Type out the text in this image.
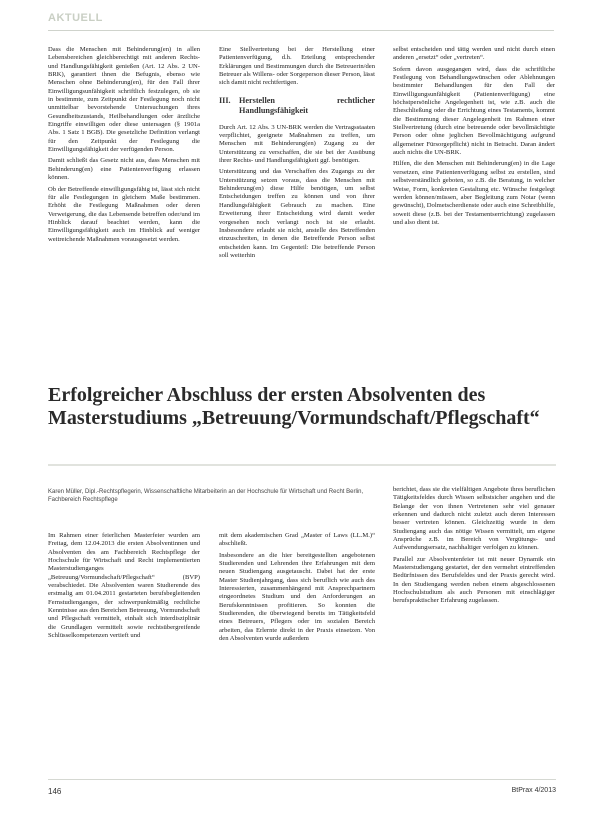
AKTUELL

Dass die Menschen mit Behinderung(en) in allen Lebensbereichen gleichberechtigt mit anderen Rechts- und Handlungsfähigkeit genießen (Art. 12 Abs. 2 UN-BRK), garantiert ihnen die Befugnis, ebenso wie Menschen ohne Behinderung(en), für den Fall ihrer Einwilligungsunfähigkeit schriftlich festzulegen, ob sie in bestimmte, zum Zeitpunkt der Festlegung noch nicht unmittelbar bevorstehende Untersuchungen ihres Gesundheitszustands, Heilbehandlungen oder ärztliche Eingriffe einwilligen oder diese untersagen (§ 1901a Abs. 1 Satz 1 BGB). Die gesetzliche Definition verlangt für den Zeitpunkt der Festlegung die Einwilligungsfähigkeit der verfügenden Person.

Damit schließt das Gesetz nicht aus, dass Menschen mit Behinderung(en) eine Patientenverfügung erlassen können.

Ob der Betreffende einwilligungsfähig ist, lässt sich nicht für alle Festlegungen in gleichem Maße bestimmen. Erhöht die Festlegung Maßnahmen oder deren Verweigerung, die das Lebensende betreffen oder/und im Hinblick darauf beachtet werden, kann die Einwilligungsfähigkeit auch im Hinblick auf weniger weitreichende Maßnahmen vorausgesetzt werden.

Eine Stellvertretung bei der Herstellung einer Patientenverfügung, d.h. Erteilung entsprechender Erklärungen und Bestimmungen durch die Betreuerin/den Betreuer als Willens- oder Sorgeperson dieser Person, lässt sich damit nicht rechtfertigen.

III. Herstellen rechtlicher Handlungsfähigkeit

Durch Art. 12 Abs. 3 UN-BRK werden die Vertragsstaaten verpflichtet, geeignete Maßnahmen zu treffen, um Menschen mit Behinderung(en) Zugang zu der Unterstützung zu verschaffen, die sie bei der Ausübung ihrer Rechts- und Handlungsfähigkeit ggf. benötigen.

Unterstützung und das Verschaffen des Zugangs zu der Unterstützung setzen voraus, dass die Menschen mit Behinderung(en) diese Hilfe benötigen, um selbst Entscheidungen treffen zu können und von ihrer Handlungsfähigkeit Gebrauch zu machen. Eine Erweiterung ihrer Entscheidung wird damit weder vorgesehen noch verlangt noch ist sie erlaubt. Insbesondere erlaubt sie nicht, anstelle des Betreffenden einzuschreiten, in denen die Betreffende Person selbst entscheiden kann. Im Gegenteil: Die betreffende Person soll weiterhin

selbst entscheiden und tätig werden und nicht durch einen anderen „ersetzt“ oder „vertreten“.

Sofern davon ausgegangen wird, dass die schriftliche Festlegung von Behandlungswünschen oder Ablehnungen bestimmter Behandlungen für den Fall der Einwilligungsunfähigkeit (Patientenverfügung) eine höchstpersönliche Angelegenheit ist, wie z.B. auch die Eheschließung oder die Errichtung eines Testaments, kommt die Bestimmung dieser Angelegenheit im Rahmen einer Stellvertretung (durch eine betreuende oder bevollmächtigte Person oder ohne jeglichen Bevollmächtigung aufgrund allgemeiner Fürsorgepflicht) nicht in Betracht. Daran ändert auch nichts die UN-BRK.

Hilfen, die den Menschen mit Behinderung(en) in die Lage versetzen, eine Patientenverfügung selbst zu erstellen, sind selbstverständlich geboten, so z.B. die Beratung, in welcher Weise, Form, konkreten Gestaltung etc. Wünsche festgelegt werden können/müssen, aber Begleitung zum Notar (wenn gewünscht), Dolmetscherdienste oder auch eine Schreibhilfe, soweit diese (z.B. bei der Testamentserrichtung) zugelassen und also dient ist.

Erfolgreicher Abschluss der ersten Absolventen des Masterstudiums „Betreuung/Vormundschaft/Pflegschaft“
Karen Müller, Dipl.-Rechtspflegerin, Wissenschaftliche Mitarbeiterin an der Hochschule für Wirtschaft und Recht Berlin, Fachbereich Rechtspflege

Im Rahmen einer feierlichen Masterfeier wurden am Freitag, dem 12.04.2013 die ersten Absolventinnen und Absolventen des am Fachbereich Rechtspflege der Hochschule für Wirtschaft und Recht implementierten Masterstudienganges „Betreuung/Vormundschaft/Pflegschaft“ (BVP) verabschiedet. Die Absolventen waren Studierende des erstmalig am 01.04.2011 gestarteten berufsbegleitenden Fernstudienganges, der schwerpunktmäßig rechtliche Kenntnisse aus den Bereichen Betreuung, Vormundschaft und Pflegschaft vermittelt, einhalt sich interdisziplinär die Grundlagen vermittelt sowie rechtsübergreifende Schlüsselkompetenzen vertieft und

mit dem akademischen Grad „Master of Laws (LL.M.)“ abschließt.

Insbesondere an die hier bereitgestellten angebotenen Studierenden und Lehrenden ihre Erfahrungen mit dem neuen Studiengang ausgetauscht. Dabei hat der erste Master Studienjahrgang, dass sich beruflich wie auch des Interessierten, zusammenhängend mit Ansprechpartnern eingeordnetes Studium und den Anforderungen an Berufskenntnissen profitieren. So konnten die Studierenden, die überwiegend bereits im Tätigkeitsfeld eines Betreuers, Pflegers oder im sozialen Bereich arbeiten, das Erlernte direkt in der Praxis einsetzen. Von den Absolventen wurde außerdem

berichtet, dass sie die vielfältigen Angebote ihres beruflichen Tätigkeitsfeldes durch Wissen selbstsicher angehen und die Belange der von ihnen Vertretenen sehr viel genauer erkennen und dadurch nicht zuletzt auch deren Interessen besser vertreten können. Gleichzeitig wurde in dem Studiengang auch das nötige Wissen vermittelt, um eigene Ansprüche z.B. im Bereich von Vergütungs- und Aufwendungsersatz, nachhaltiger verfolgen zu können.

Parallel zur Absolventenfeier ist mit neuer Dynamik ein Masterstudiengang gestartet, der den vermehrt eintreffenden Bedürfnissen des Berufsfeldes und der Praxis gerecht wird. In den Studiengang werden neben einem abgeschlossenen Hochschulstudium als auch Personen mit einschlägiger berufspraktischer Erfahrung zugelassen.

146	BtPrax 4/2013
